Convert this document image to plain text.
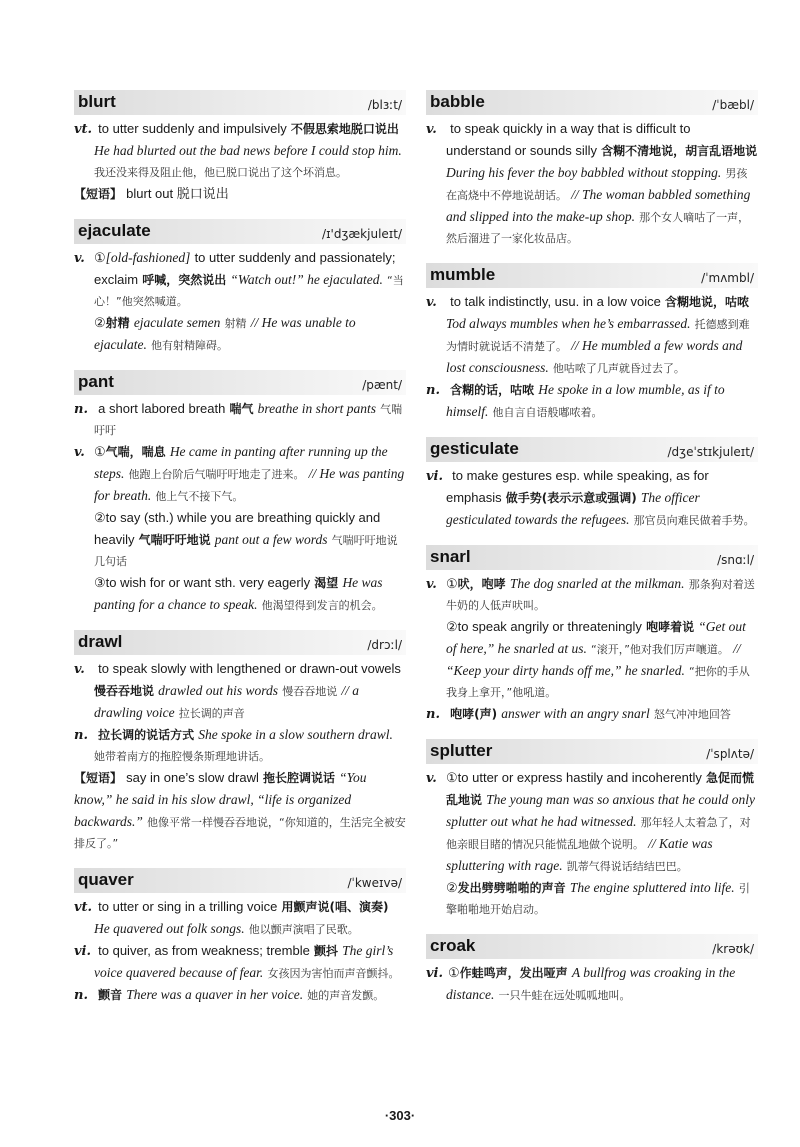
blurt	/blɜːt/

vt. to utter suddenly and impulsively 不假思索地脱口说出 He had blurted out the bad news before I could stop him. 我还没来得及阻止他，他已脱口说出了这个坏消息。

【短语】 blurt out 脱口说出

ejaculate	/ɪ'dʒækjuleɪt/

v. ①[old-fashioned] to utter suddenly and passionately; exclaim 呼喊，突然说出 “Watch out!” he ejaculated. “当心！”他突然喊道。

②射精 ejaculate semen 射精 // He was unable to ejaculate. 他有射精障碍。

pant	/pænt/

n. a short labored breath 喘气 breathe in short pants 气喘吁吁

v. ①气喘，喘息 He came in panting after running up the steps. 他跑上台阶后气喘吁吁地走了进来。 // He was panting for breath. 他上气不接下气。

②to say (sth.) while you are breathing quickly and heavily 气喘吁吁地说 pant out a few words 气喘吁吁地说几句话

③to wish for or want sth. very eagerly 渴望 He was panting for a chance to speak. 他渴望得到发言的机会。

drawl	/drɔːl/

v. to speak slowly with lengthened or drawn-out vowels 慢吞吞地说 drawled out his words 慢吞吞地说 // a drawling voice 拉长调的声音

n. 拉长调的说话方式 She spoke in a slow southern drawl. 她带着南方的拖腔慢条斯理地讲话。

【短语】 say in one’s slow drawl 拖长腔调说话 “You know,” he said in his slow drawl, “life is organized backwards.” 他像平常一样慢吞吞地说，“你知道的，生活完全被安排反了。”

quaver	/ˈkweɪvə/

vt. to utter or sing in a trilling voice 用颤声说(唱、演奏) He quavered out folk songs. 他以颤声演唱了民歌。

vi. to quiver, as from weakness; tremble 颤抖 The girl’s voice quavered because of fear. 女孩因为害怕而声音颤抖。

n. 颤音 There was a quaver in her voice. 她的声音发颤。

babble	/ˈbæbl/

v. to speak quickly in a way that is difficult to understand or sounds silly 含糊不清地说，胡言乱语地说 During his fever the boy babbled without stopping. 男孩在高烧中不停地说胡话。 // The woman babbled something and slipped into the make-up shop. 那个女人嘀咕了一声，然后溜进了一家化妆品店。

mumble	/ˈmʌmbl/

v. to talk indistinctly, usu. in a low voice 含糊地说，咕哝 Tod always mumbles when he’s embarrassed. 托德感到难为情时就说话不清楚了。 // He mumbled a few words and lost consciousness. 他咕哝了几声就昏过去了。

n. 含糊的话，咕哝 He spoke in a low mumble, as if to himself. 他自言自语般嘟哝着。

gesticulate	/dʒeˈstɪkjuleɪt/

vi. to make gestures esp. while speaking, as for emphasis 做手势(表示示意或强调) The officer gesticulated towards the refugees. 那官员向难民做着手势。

snarl	/snɑːl/

v. ①吠，咆哮 The dog snarled at the milkman. 那条狗对着送牛奶的人低声吠叫。

②to speak angrily or threateningly 咆哮着说 “Get out of here,” he snarled at us. “滚开，”他对我们厉声嚷道。 // “Keep your dirty hands off me,” he snarled. “把你的手从我身上拿开，”他吼道。

n. 咆哮(声) answer with an angry snarl 怒气冲冲地回答

splutter	/ˈsplʌtə/

v. ①to utter or express hastily and incoherently 急促而慌乱地说 The young man was so anxious that he could only splutter out what he had witnessed. 那年轻人太着急了，对他亲眼目睹的情况只能慌乱地做个说明。 // Katie was spluttering with rage. 凯蒂气得说话结结巴巴。

②发出劈劈啪啪的声音 The engine spluttered into life. 引擎啪啪地开始启动。

croak	/krəʊk/

vi. ①作蛙鸣声，发出哑声 A bullfrog was croaking in the distance. 一只牛蛙在远处呱呱地叫。

·303·
